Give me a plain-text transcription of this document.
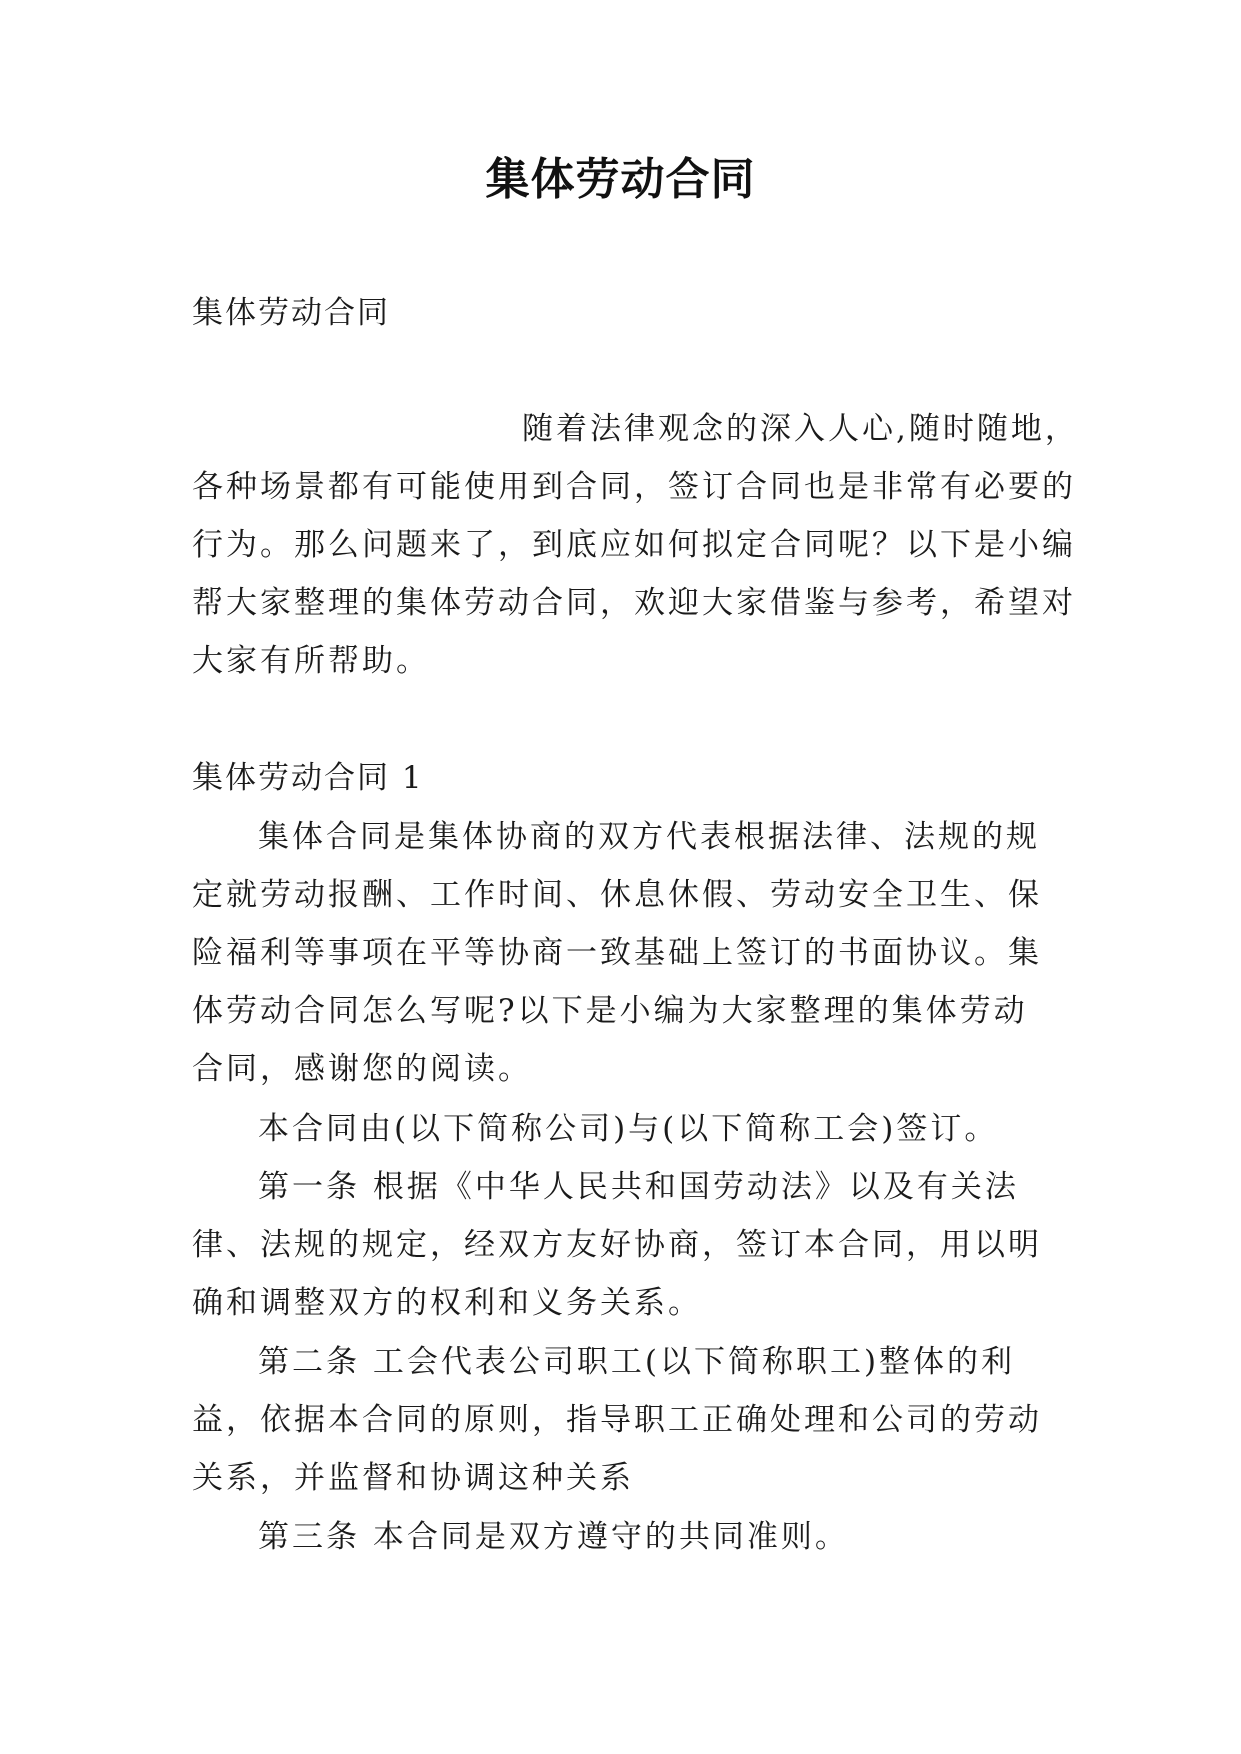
集体劳动合同
集体劳动合同
随着法律观念的深入人心,随时随地，
各种场景都有可能使用到合同，签订合同也是非常有必要的
行为。那么问题来了，到底应如何拟定合同呢？以下是小编
帮大家整理的集体劳动合同，欢迎大家借鉴与参考，希望对
大家有所帮助。
集体劳动合同 1

集体合同是集体协商的双方代表根据法律、法规的规定就劳动报酬、工作时间、休息休假、劳动安全卫生、保险福利等事项在平等协商一致基础上签订的书面协议。集体劳动合同怎么写呢?以下是小编为大家整理的集体劳动合同，感谢您的阅读。

本合同由(以下简称公司)与(以下简称工会)签订。

第一条 根据《中华人民共和国劳动法》以及有关法律、法规的规定，经双方友好协商，签订本合同，用以明确和调整双方的权利和义务关系。

第二条 工会代表公司职工(以下简称职工)整体的利益，依据本合同的原则，指导职工正确处理和公司的劳动关系，并监督和协调这种关系

第三条 本合同是双方遵守的共同准则。
